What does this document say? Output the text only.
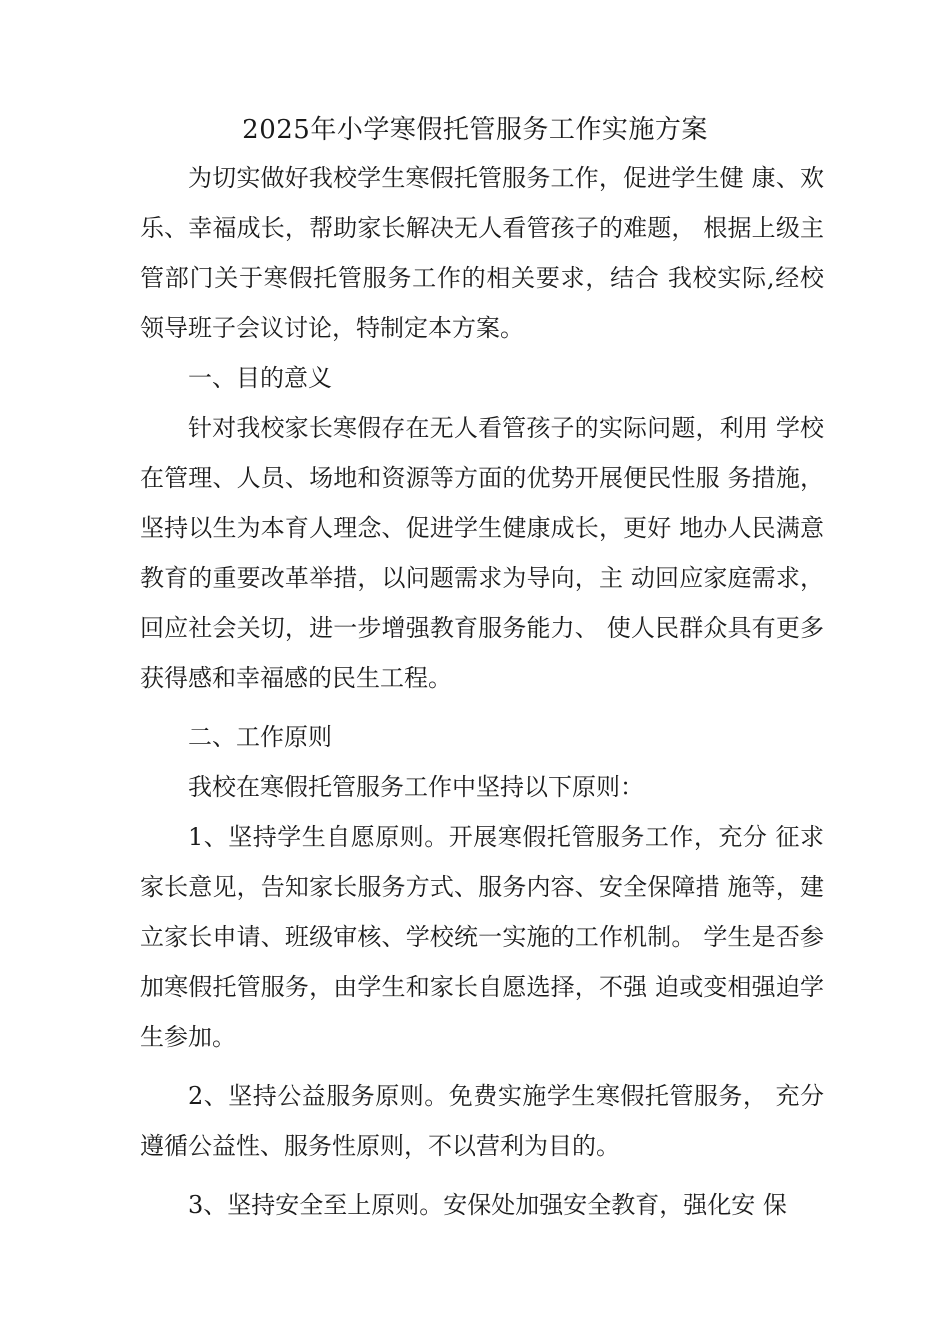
2025年小学寒假托管服务工作实施方案

为切实做好我校学生寒假托管服务工作，促进学生健 康、欢乐、幸福成长，帮助家长解决无人看管孩子的难题， 根据上级主管部门关于寒假托管服务工作的相关要求，结合 我校实际,经校领导班子会议讨论，特制定本方案。

一、目的意义

针对我校家长寒假存在无人看管孩子的实际问题，利用 学校在管理、人员、场地和资源等方面的优势开展便民性服 务措施，坚持以生为本育人理念、促进学生健康成长，更好 地办人民满意教育的重要改革举措，以问题需求为导向，主 动回应家庭需求，回应社会关切，进一步增强教育服务能力、 使人民群众具有更多获得感和幸福感的民生工程。

二、工作原则

我校在寒假托管服务工作中坚持以下原则：

1、坚持学生自愿原则。开展寒假托管服务工作，充分 征求家长意见，告知家长服务方式、服务内容、安全保障措 施等，建立家长申请、班级审核、学校统一实施的工作机制。 学生是否参加寒假托管服务，由学生和家长自愿选择，不强 迫或变相强迫学生参加。

2、坚持公益服务原则。免费实施学生寒假托管服务， 充分遵循公益性、服务性原则，不以营利为目的。

3、坚持安全至上原则。安保处加强安全教育，强化安 保
